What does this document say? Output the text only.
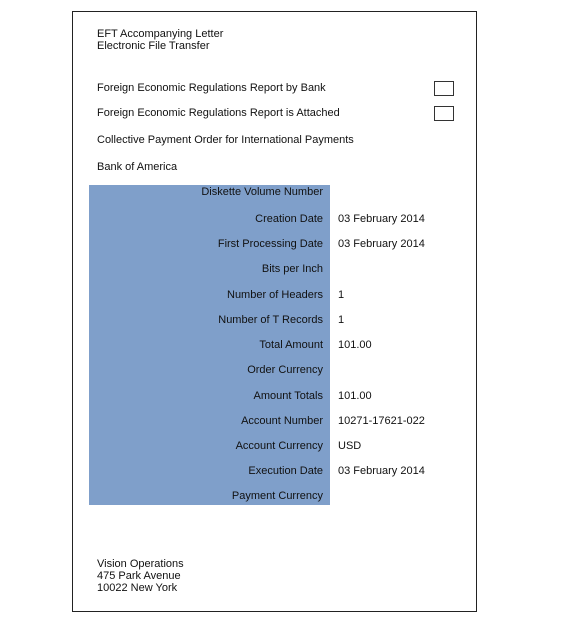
EFT Accompanying Letter
Electronic File Transfer
Foreign Economic Regulations Report by Bank
Foreign Economic Regulations Report is Attached
Collective Payment Order for International Payments
Bank of America
Diskette Volume Number
Creation Date 03 February 2014
First Processing Date 03 February 2014
Bits per Inch
Number of Headers 1
Number of T Records 1
Total Amount 101.00
Order Currency
Amount Totals 101.00
Account Number 10271-17621-022
Account Currency USD
Execution Date 03 February 2014
Payment Currency
Vision Operations
475 Park Avenue
10022 New York
